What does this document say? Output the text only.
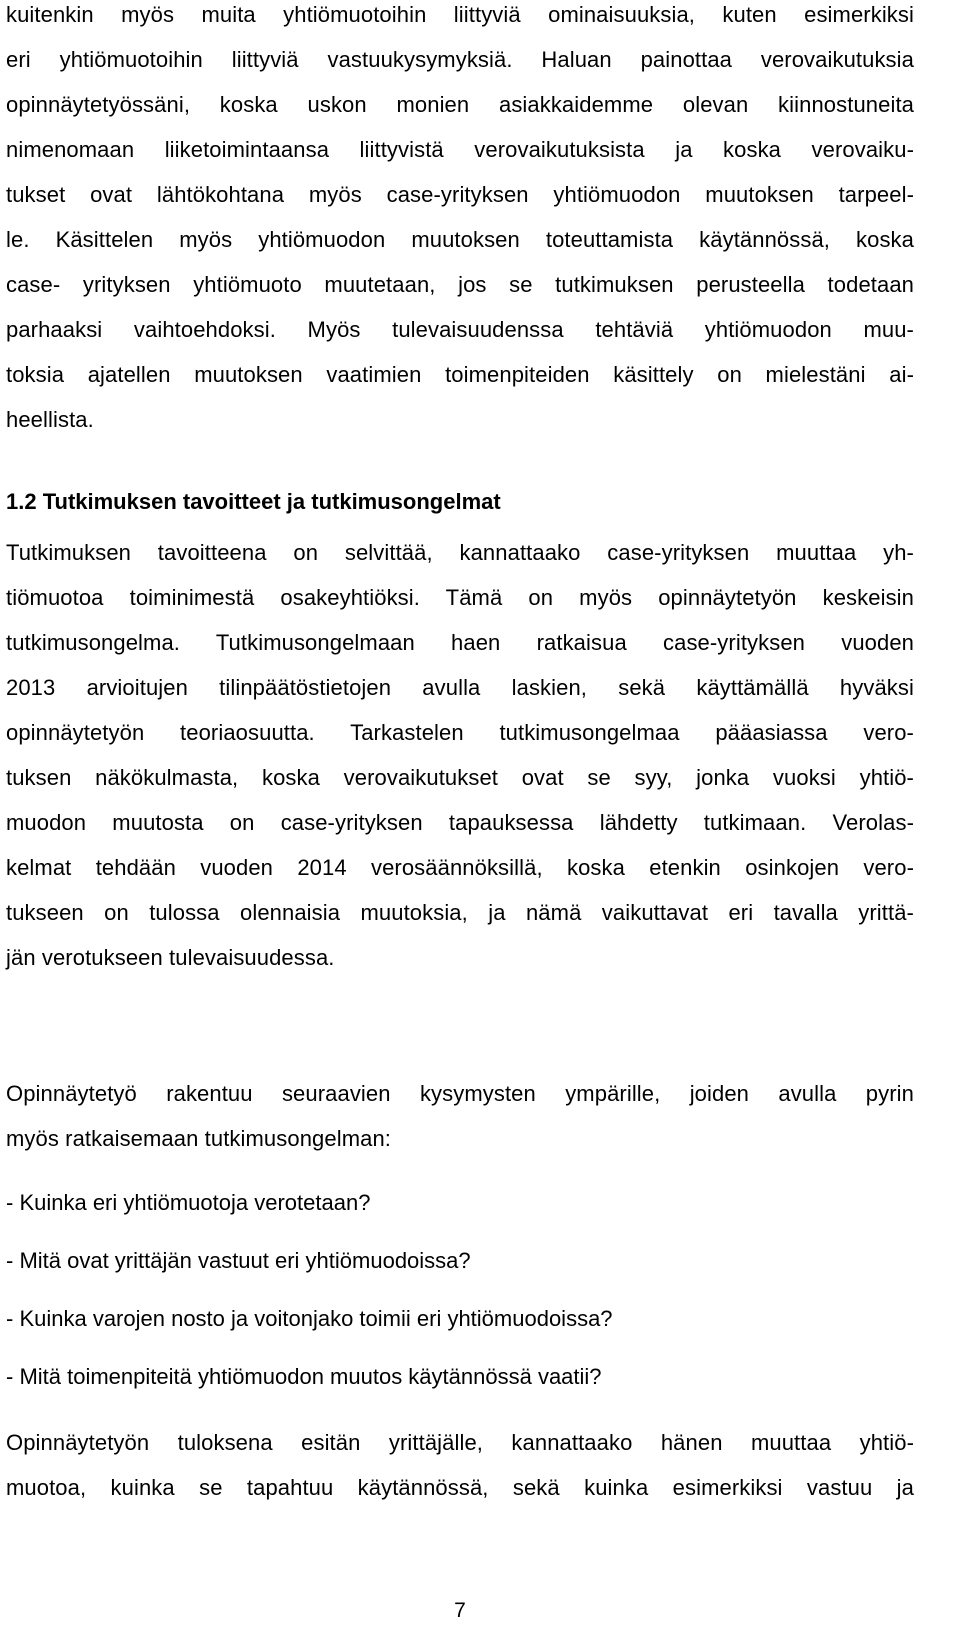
kuitenkin myös muita yhtiömuotoihin liittyviä ominaisuuksia, kuten esimerkiksi
eri yhtiömuotoihin liittyviä vastuukysymyksiä. Haluan painottaa verovaikutuksia
opinnäytetyössäni, koska uskon monien asiakkaidemme olevan kiinnostuneita
nimenomaan liiketoimintaansa liittyvistä verovaikutuksista ja koska verovaiku-
tukset ovat lähtökohtana myös case-yrityksen yhtiömuodon muutoksen tarpeel-
le. Käsittelen myös yhtiömuodon muutoksen toteuttamista käytännössä, koska
case- yrityksen yhtiömuoto muutetaan, jos se tutkimuksen perusteella todetaan
parhaaksi vaihtoehdoksi. Myös tulevaisuudenssa tehtäviä yhtiömuodon muu-
toksia ajatellen muutoksen vaatimien toimenpiteiden käsittely on mielestäni ai-
heellista.
1.2 Tutkimuksen tavoitteet ja tutkimusongelmat
Tutkimuksen tavoitteena on selvittää, kannattaako case-yrityksen muuttaa yh-
tiömuotoa toiminimestä osakeyhtiöksi. Tämä on myös opinnäytetyön keskeisin
tutkimusongelma. Tutkimusongelmaan haen ratkaisua case-yrityksen vuoden
2013 arvioitujen tilinpäätöstietojen avulla laskien, sekä käyttämällä hyväksi
opinnäytetyön teoriaosuutta. Tarkastelen tutkimusongelmaa pääasiassa vero-
tuksen näkökulmasta, koska verovaikutukset ovat se syy, jonka vuoksi yhtiö-
muodon muutosta on case-yrityksen tapauksessa lähdetty tutkimaan. Verolas-
kelmat tehdään vuoden 2014 verosäännöksillä, koska etenkin osinkojen vero-
tukseen on tulossa olennaisia muutoksia, ja nämä vaikuttavat eri tavalla yrittä-
jän verotukseen tulevaisuudessa.
Opinnäytetyö rakentuu seuraavien kysymysten ympärille, joiden avulla pyrin
myös ratkaisemaan tutkimusongelman:
- Kuinka eri yhtiömuotoja verotetaan?
- Mitä ovat yrittäjän vastuut eri yhtiömuodoissa?
- Kuinka varojen nosto ja voitonjako toimii eri yhtiömuodoissa?
- Mitä toimenpiteitä yhtiömuodon muutos käytännössä vaatii?
Opinnäytetyön tuloksena esitän yrittäjälle, kannattaako hänen muuttaa yhtiö-
muotoa, kuinka se tapahtuu käytännössä, sekä kuinka esimerkiksi vastuu ja
7
